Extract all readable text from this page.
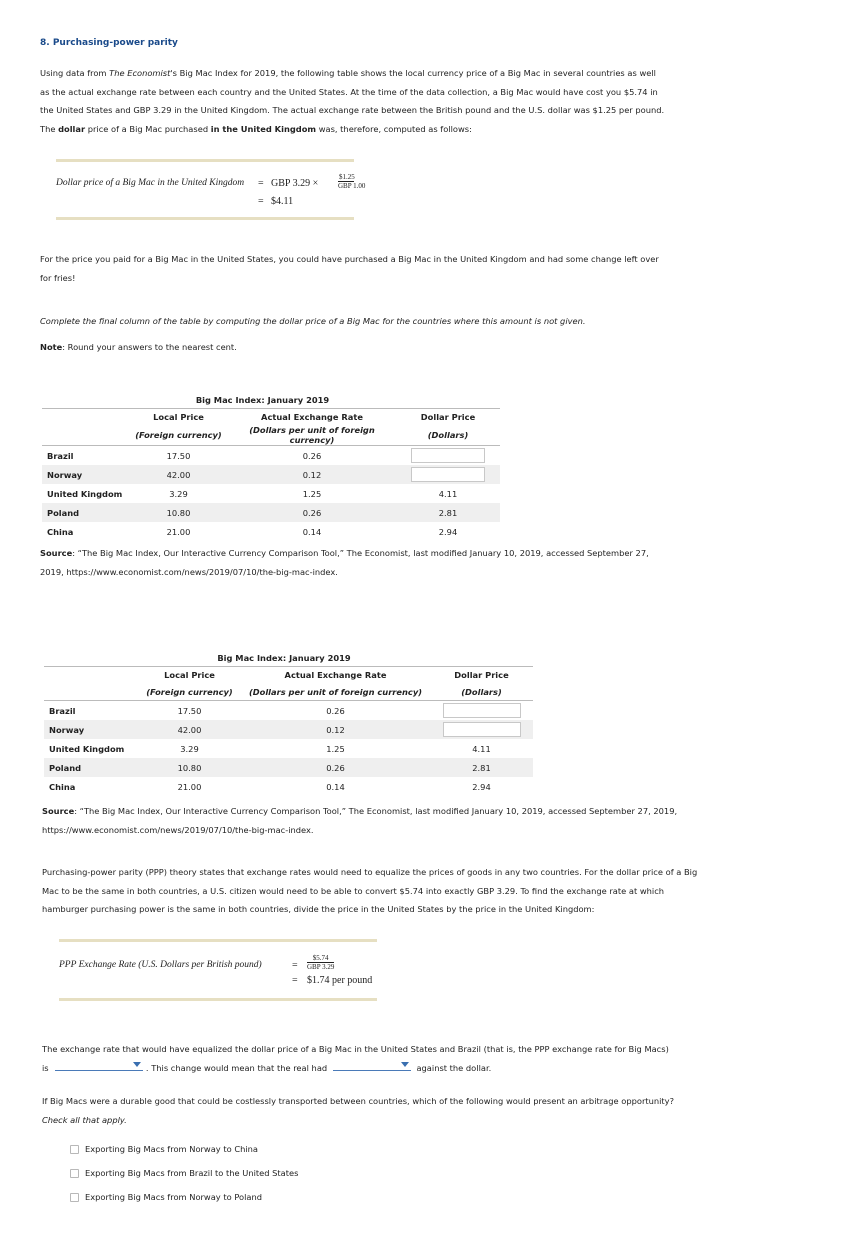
8. Purchasing-power parity
Using data from The Economist's Big Mac Index for 2019, the following table shows the local currency price of a Big Mac in several countries as well as the actual exchange rate between each country and the United States. At the time of the data collection, a Big Mac would have cost you $5.74 in the United States and GBP 3.29 in the United Kingdom. The actual exchange rate between the British pound and the U.S. dollar was $1.25 per pound. The dollar price of a Big Mac purchased in the United Kingdom was, therefore, computed as follows:
Dollar price of a Big Mac in the United Kingdom = GBP 3.29 ×
$1.25
GBP 1.00
= $4.11
For the price you paid for a Big Mac in the United States, you could have purchased a Big Mac in the United Kingdom and had some change left over for fries!
Complete the final column of the table by computing the dollar price of a Big Mac for the countries where this amount is not given.
Note: Round your answers to the nearest cent.
	Big Mac Index: January 2019		
	Local Price	Actual Exchange Rate	Dollar Price
	(Foreign currency)	(Dollars per unit of foreign currency)	(Dollars)
Brazil	17.50	0.26	
Norway	42.00	0.12	
United Kingdom	3.29	1.25	4.11
Poland	10.80	0.26	2.81
China	21.00	0.14	2.94
Source: “The Big Mac Index, Our Interactive Currency Comparison Tool,” The Economist, last modified January 10, 2019, accessed September 27, 2019, https://www.economist.com/news/2019/07/10/the-big-mac-index.
	Big Mac Index: January 2019		
	Local Price	Actual Exchange Rate	Dollar Price
	(Foreign currency)	(Dollars per unit of foreign currency)	(Dollars)
Brazil	17.50	0.26	
Norway	42.00	0.12	
United Kingdom	3.29	1.25	4.11
Poland	10.80	0.26	2.81
China	21.00	0.14	2.94
Source: “The Big Mac Index, Our Interactive Currency Comparison Tool,” The Economist, last modified January 10, 2019, accessed September 27, 2019, https://www.economist.com/news/2019/07/10/the-big-mac-index.
Purchasing-power parity (PPP) theory states that exchange rates would need to equalize the prices of goods in any two countries. For the dollar price of a Big Mac to be the same in both countries, a U.S. citizen would need to be able to convert $5.74 into exactly GBP 3.29. To find the exchange rate at which hamburger purchasing power is the same in both countries, divide the price in the United States by the price in the United Kingdom:
PPP Exchange Rate (U.S. Dollars per British pound)	=
$5.74
GBP 3.29
= $1.74 per pound
The exchange rate that would have equalized the dollar price of a Big Mac in the United States and Brazil (that is, the PPP exchange rate for Big Macs)
is	. This change would mean that the real had	against the dollar.
If Big Macs were a durable good that could be costlessly transported between countries, which of the following would present an arbitrage opportunity? Check all that apply.
Exporting Big Macs from Norway to China
Exporting Big Macs from Brazil to the United States
Exporting Big Macs from Norway to Poland
